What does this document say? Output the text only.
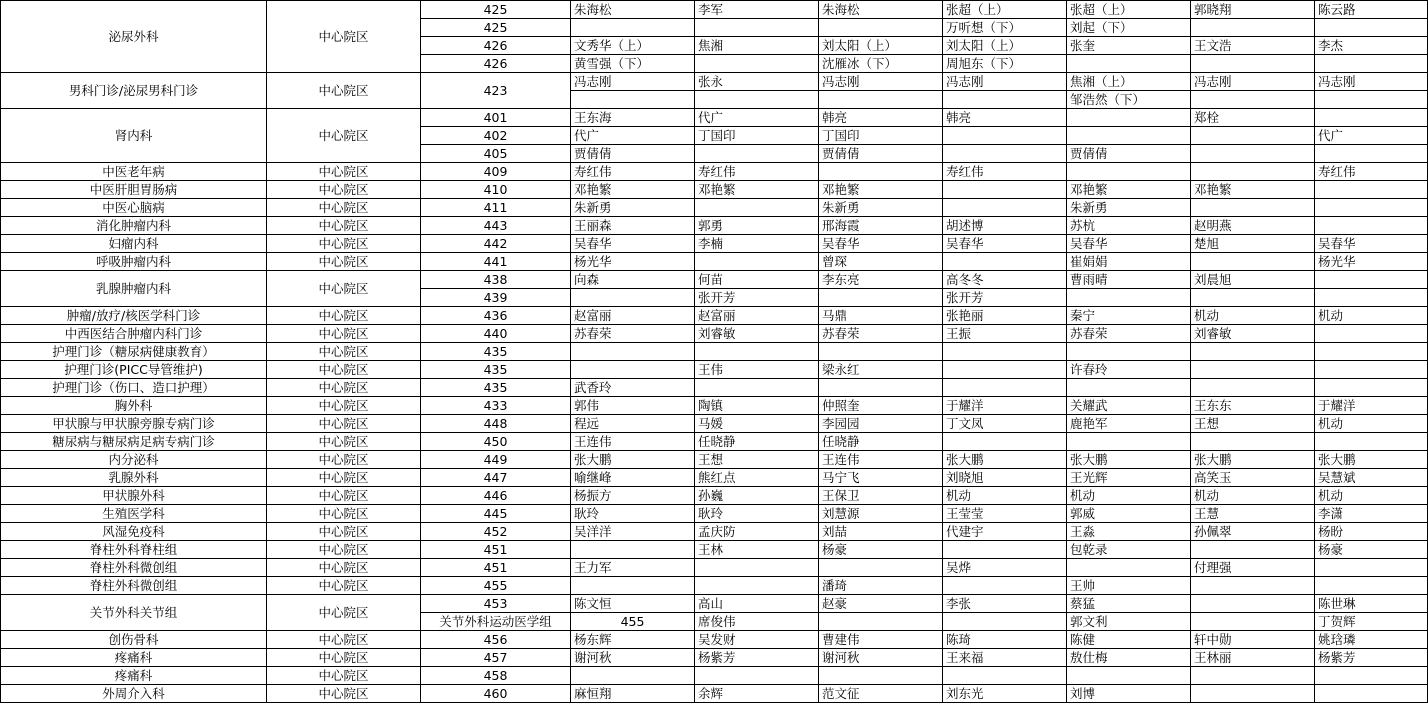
泌尿外科	中心院区	425	朱海松	李军	朱海松	张超（上）	张超（上）	郭晓翔	陈云路	
		425				万听想（下）	刘起（下）			
		426	文秀华（上）	焦湘	刘太阳（上）	刘太阳（上）	张奎	王文浩	李杰	
		426	黄雪强（下）		沈雁冰（下）	周旭东（下）				
男科门诊/泌尿男科门诊	中心院区	423	冯志刚	张永	冯志刚	冯志刚	焦湘（上）	冯志刚	冯志刚	
							邹浩然（下）			
肾内科	中心院区	401	王东海	代广	韩亮	韩亮		郑栓		
		402	代广	丁国印	丁国印				代广	
		405	贾倩倩		贾倩倩		贾倩倩			
中医老年病	中心院区	409	寿红伟	寿红伟		寿红伟			寿红伟	
中医肝胆胃肠病	中心院区	410	邓艳繁	邓艳繁	邓艳繁		邓艳繁	邓艳繁		
中医心脑病	中心院区	411	朱新勇		朱新勇		朱新勇			
消化肿瘤内科	中心院区	443	王丽森	郭勇	邢海霞	胡述博	苏杭	赵明燕		
妇瘤内科	中心院区	442	吴春华	李楠	吴春华	吴春华	吴春华	楚旭	吴春华	
呼吸肿瘤内科	中心院区	441	杨光华		曾琛		崔娟娟		杨光华	
乳腺肿瘤内科	中心院区	438	向森	何苗	李东亮	高冬冬	曹雨晴	刘晨旭		
		439		张开芳		张开芳				
肿瘤/放疗/核医学科门诊	中心院区	436	赵富丽	赵富丽	马鼎	张艳丽	秦宁	机动	机动	
中西医结合肿瘤内科门诊	中心院区	440	苏春荣	刘睿敏	苏春荣	王振	苏春荣	刘睿敏		
护理门诊（糖尿病健康教育）	中心院区	435								
护理门诊(PICC导管维护)	中心院区	435		王伟	梁永红		许春玲			
护理门诊（伤口、造口护理）	中心院区	435	武香玲							
胸外科	中心院区	433	郭伟	陶镇	仲照奎	于耀洋	关耀武	王东东	于耀洋	
甲状腺与甲状腺旁腺专病门诊	中心院区	448	程远	马媛	李园园	丁文凤	鹿艳军	王想	机动	
糖尿病与糖尿病足病专病门诊	中心院区	450	王连伟	任晓静	任晓静					
内分泌科	中心院区	449	张大鹏	王想	王连伟	张大鹏	张大鹏	张大鹏	张大鹏	
乳腺外科	中心院区	447	喻继峰	熊红点	马宁飞	刘晓旭	王光辉	高笑玉	吴慧斌	
甲状腺外科	中心院区	446	杨振方	孙巍	王保卫	机动	机动	机动	机动	
生殖医学科	中心院区	445	耿玲	耿玲	刘慧源	王莹莹	郭威	王慧	李潇	
风湿免疫科	中心院区	452	吴洋洋	孟庆防	刘喆	代建宇	王淼	孙佩翠	杨盼	
脊柱外科脊柱组	中心院区	451		王林	杨豪		包乾录		杨豪	
脊柱外科微创组	中心院区	451	王力军			吴烨		付理强		
脊柱外科微创组	中心院区	455			潘琦		王帅			
关节外科关节组	中心院区	453	陈文恒	高山	赵豪	李张	蔡猛		陈世琳	
		关节外科运动医学组	455	席俊伟			郭文利		丁贺辉	
创伤骨科	中心院区	456	杨东辉	吴发财	曹建伟	陈琦	陈健	轩中勋	姚琀璘	
疼痛科	中心院区	457	谢河秋	杨紫芳	谢河秋	王来福	敖仕梅	王林丽	杨紫芳	
疼痛科	中心院区	458								
外周介入科	中心院区	460	麻恒翔	余辉	范文征	刘东光	刘博			
